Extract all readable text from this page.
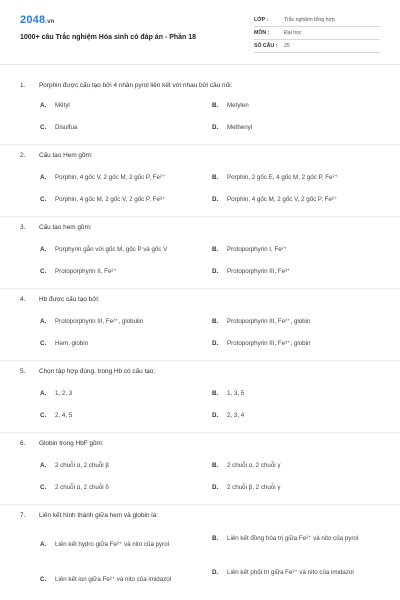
2048.vn
1000+ câu Trắc nghiệm Hóa sinh có đáp án - Phần 18
LỚP :	Trắc nghiệm tổng hợp
MÔN :	Đại học
SỐ CÂU :	25
1. Porphin được cấu tạo bởi 4 nhân pyrol liên kết với nhau bởi cầu nối:
A. Mêtyl	B. Metylen
C. Disulfua	D. Methenyl
2. Cấu tạo Hem gồm:
A. Porphin, 4 gốc V, 2 gốc M, 2 gốc P, Fe²⁺	B. Porphin, 2 gốc E, 4 gốc M, 2 gốc P, Fe²⁺
C. Porphin, 4 gốc M, 2 gốc V, 2 gốc P, Fe³⁺	D. Porphin, 4 gốc M, 2 gốc V, 2 gốc P, Fe²⁺
3. Cấu tạo hem gồm:
A. Porphyrin gắn với gốc M, gốc P và gốc V	B. Protoporphyrin I, Fe²⁺
C. Protoporphyrin II, Fe²⁺	D. Protoporphyrin III, Fe²⁺
4. Hb được cấu tạo bởi:
A. Protoporphyrin III, Fe²⁺, globulin	B. Protoporphyrin III, Fe²⁺, globin
C. Hem, globin	D. Protoporphyrin III, Fe³⁺, globin
5. Chọn tập hợp đúng, trong Hb có cấu tạo:
A. 1, 2, 3	B. 1, 3, 5
C. 2, 4, 5	D. 2, 3, 4
6. Globin trong HbF gồm:
A. 2 chuỗi α, 2 chuỗi β	B. 2 chuỗi α, 2 chuỗi γ
C. 2 chuỗi α, 2 chuỗi δ	D. 2 chuỗi β, 2 chuỗi γ
7. Liên kết hình thành giữa hem và globin là:
A. Liên kết hydro giữa Fe²⁺ và nito của pyrol
B. Liên kết đồng hóa trị giữa Fe²⁺ và nito của pyrol
C. Liên kết ion giữa Fe²⁺ và nito của imidazol
D. Liên kết phối trí giữa Fe²⁺ và nito của imidazol
